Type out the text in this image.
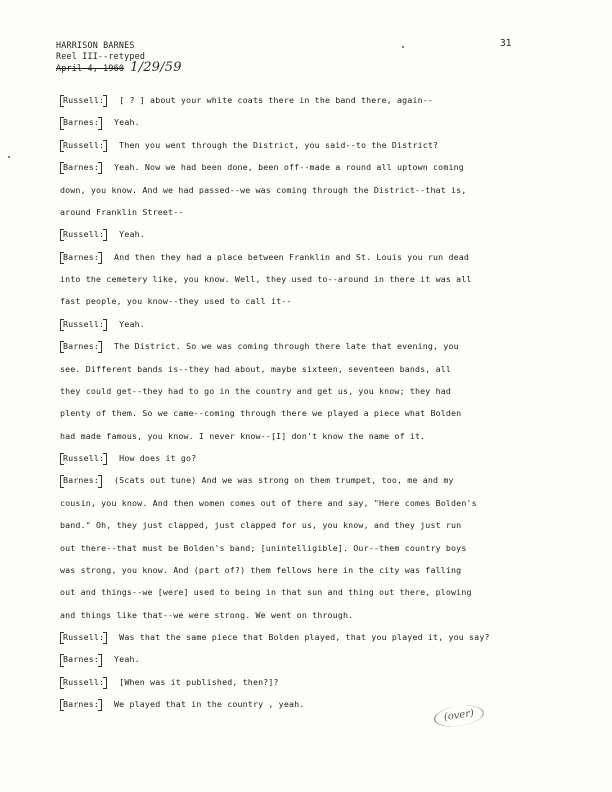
HARRISON BARNES
Reel III--retyped
April 4, 1960 1/29/59
31
Russell: [ ? ] about your white coats there in the band there, again--
Barnes: Yeah.
Russell: Then you went through the District, you said--to the District?
Barnes: Yeah. Now we had been done, been off--made a round all uptown coming
down, you know. And we had passed--we was coming through the District--that is,
around Franklin Street--
Russell: Yeah.
Barnes: And then they had a place between Franklin and St. Louis you run dead
into the cemetery like, you know. Well, they used to--around in there it was all
fast people, you know--they used to call it--
Russell: Yeah.
Barnes: The District. So we was coming through there late that evening, you
see. Different bands is--they had about, maybe sixteen, seventeen bands, all
they could get--they had to go in the country and get us, you know; they had
plenty of them. So we came--coming through there we played a piece what Bolden
had made famous, you know. I never know--[I] don't know the name of it.
Russell: How does it go?
Barnes: (Scats out tune) And we was strong on them trumpet, too, me and my
cousin, you know. And then women comes out of there and say, "Here comes Bolden's
band." Oh, they just clapped, just clapped for us, you know, and they just run
out there--that must be Bolden's band; [unintelligible]. Our--them country boys
was strong, you know. And (part of?) them fellows here in the city was falling
out and things--we [were] used to being in that sun and thing out there, plowing
and things like that--we were strong. We went on through.
Russell: Was that the same piece that Bolden played, that you played it, you say?
Barnes: Yeah.
Russell: [When was it published, then?]?
Barnes: We played that in the country , yeah.
(over)
